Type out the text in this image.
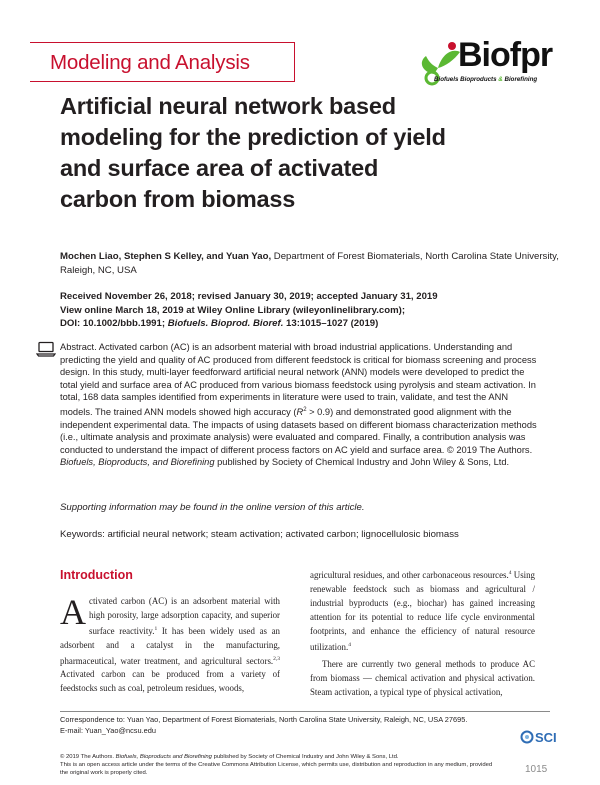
Modeling and Analysis	Biofpr
Biofuels Bioproducts & Biorefining
Artificial neural network based modeling for the prediction of yield and surface area of activated carbon from biomass
Mochen Liao, Stephen S Kelley, and Yuan Yao, Department of Forest Biomaterials, North Carolina State University, Raleigh, NC, USA
Received November 26, 2018; revised January 30, 2019; accepted January 31, 2019
View online March 18, 2019 at Wiley Online Library (wileyonlinelibrary.com);
DOI: 10.1002/bbb.1991; Biofuels. Bioprod. Bioref. 13:1015–1027 (2019)
Abstract. Activated carbon (AC) is an adsorbent material with broad industrial applications. Understanding and predicting the yield and quality of AC produced from different feedstock is critical for biomass screening and process design. In this study, multi-layer feedforward artificial neural network (ANN) models were developed to predict the total yield and surface area of AC produced from various biomass feedstock using pyrolysis and steam activation. In total, 168 data samples identified from experiments in literature were used to train, validate, and test the ANN models. The trained ANN models showed high accuracy $(R^2 > 0.9)$ and demonstrated good alignment with the independent experimental data. The impacts of using datasets based on different biomass characterization methods (i.e., ultimate analysis and proximate analysis) were evaluated and compared. Finally, a contribution analysis was conducted to understand the impact of different process factors on AC yield and surface area. © 2019 The Authors. Biofuels, Bioproducts, and Biorefining published by Society of Chemical Industry and John Wiley & Sons, Ltd.
Supporting information may be found in the online version of this article.
Keywords: artificial neural network; steam activation; activated carbon; lignocellulosic biomass
Introduction
Activated carbon (AC) is an adsorbent material with high porosity, large adsorption capacity, and superior surface reactivity.$^1$ It has been widely used as an adsorbent and a catalyst in the manufacturing, pharmaceutical, water treatment, and agricultural sectors.$^{2,3}$ Activated carbon can be produced from a variety of feedstocks such as coal, petroleum residues, woods,
agricultural residues, and other carbonaceous resources.$^4$ Using renewable feedstock such as biomass and agricultural / industrial byproducts (e.g., biochar) has gained increasing attention for its potential to reduce life cycle environmental footprints, and enhance the efficiency of natural resource utilization.$^4$
There are currently two general methods to produce AC from biomass — chemical activation and physical activation. Steam activation, a typical type of physical activation,
Correspondence to: Yuan Yao, Department of Forest Biomaterials, North Carolina State University, Raleigh, NC, USA 27695.
E-mail: Yuan_Yao@ncsu.edu	SCI
© 2019 The Authors. Biofuels, Bioproducts and Biorefining published by Society of Chemical Industry and John Wiley & Sons, Ltd.
This is an open access article under the terms of the Creative Commons Attribution License, which permits use, distribution and reproduction in any medium, provided the original work is properly cited.	1015
